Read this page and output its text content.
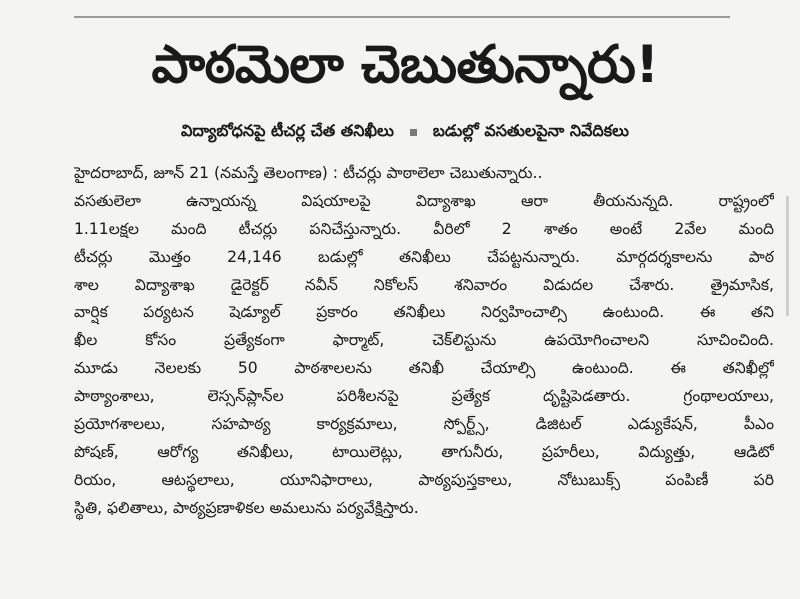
పాఠమెలా చెబుతున్నారు!
విద్యాబోధనపై టీచర్ల చేత తనిఖీలు బడుల్లో వసతులపైనా నివేదికలు
హైదరాబాద్, జూన్ 21 (నమస్తే తెలంగాణ) : టీచర్లు పాఠాలెలా చెబుతున్నారు..
వసతులెలా ఉన్నాయన్న విషయాలపై విద్యాశాఖ ఆరా తీయనున్నది. రాష్ట్రంలో
1.11లక్షల మంది టీచర్లు పనిచేస్తున్నారు. వీరిలో 2 శాతం అంటే 2వేల మంది
టీచర్లు మొత్తం 24,146 బడుల్లో తనిఖీలు చేపట్టనున్నారు. మార్గదర్శకాలను పాఠ
శాల విద్యాశాఖ డైరెక్టర్ నవీన్ నికోలస్ శనివారం విడుదల చేశారు. త్రైమాసిక,
వార్షిక పర్యటన షెడ్యూల్ ప్రకారం తనిఖీలు నిర్వహించాల్సి ఉంటుంది. ఈ తని
ఖీల కోసం ప్రత్యేకంగా ఫార్మాట్, చెక్‌లిస్టును ఉపయోగించాలని సూచించింది.
మూడు నెలలకు 50 పాఠశాలలను తనిఖీ చేయాల్సి ఉంటుంది. ఈ తనిఖీల్లో
పాఠ్యాంశాలు, లెస్సన్‌ప్లాన్‌ల పరిశీలనపై ప్రత్యేక దృష్టిపెడతారు. గ్రంథాలయాలు,
ప్రయోగశాలలు, సహపాఠ్య కార్యక్రమాలు, స్పోర్ట్స్, డిజిటల్ ఎడ్యుకేషన్, పీఎం
పోషణ్, ఆరోగ్య తనిఖీలు, టాయిలెట్లు, తాగునీరు, ప్రహరీలు, విద్యుత్తు, ఆడిటో
రియం, ఆటస్థలాలు, యూనిఫారాలు, పాఠ్యపుస్తకాలు, నోటుబుక్స్ పంపిణీ పరి
స్థితి, ఫలితాలు, పాఠ్యప్రణాళికల అమలును పర్యవేక్షిస్తారు.
